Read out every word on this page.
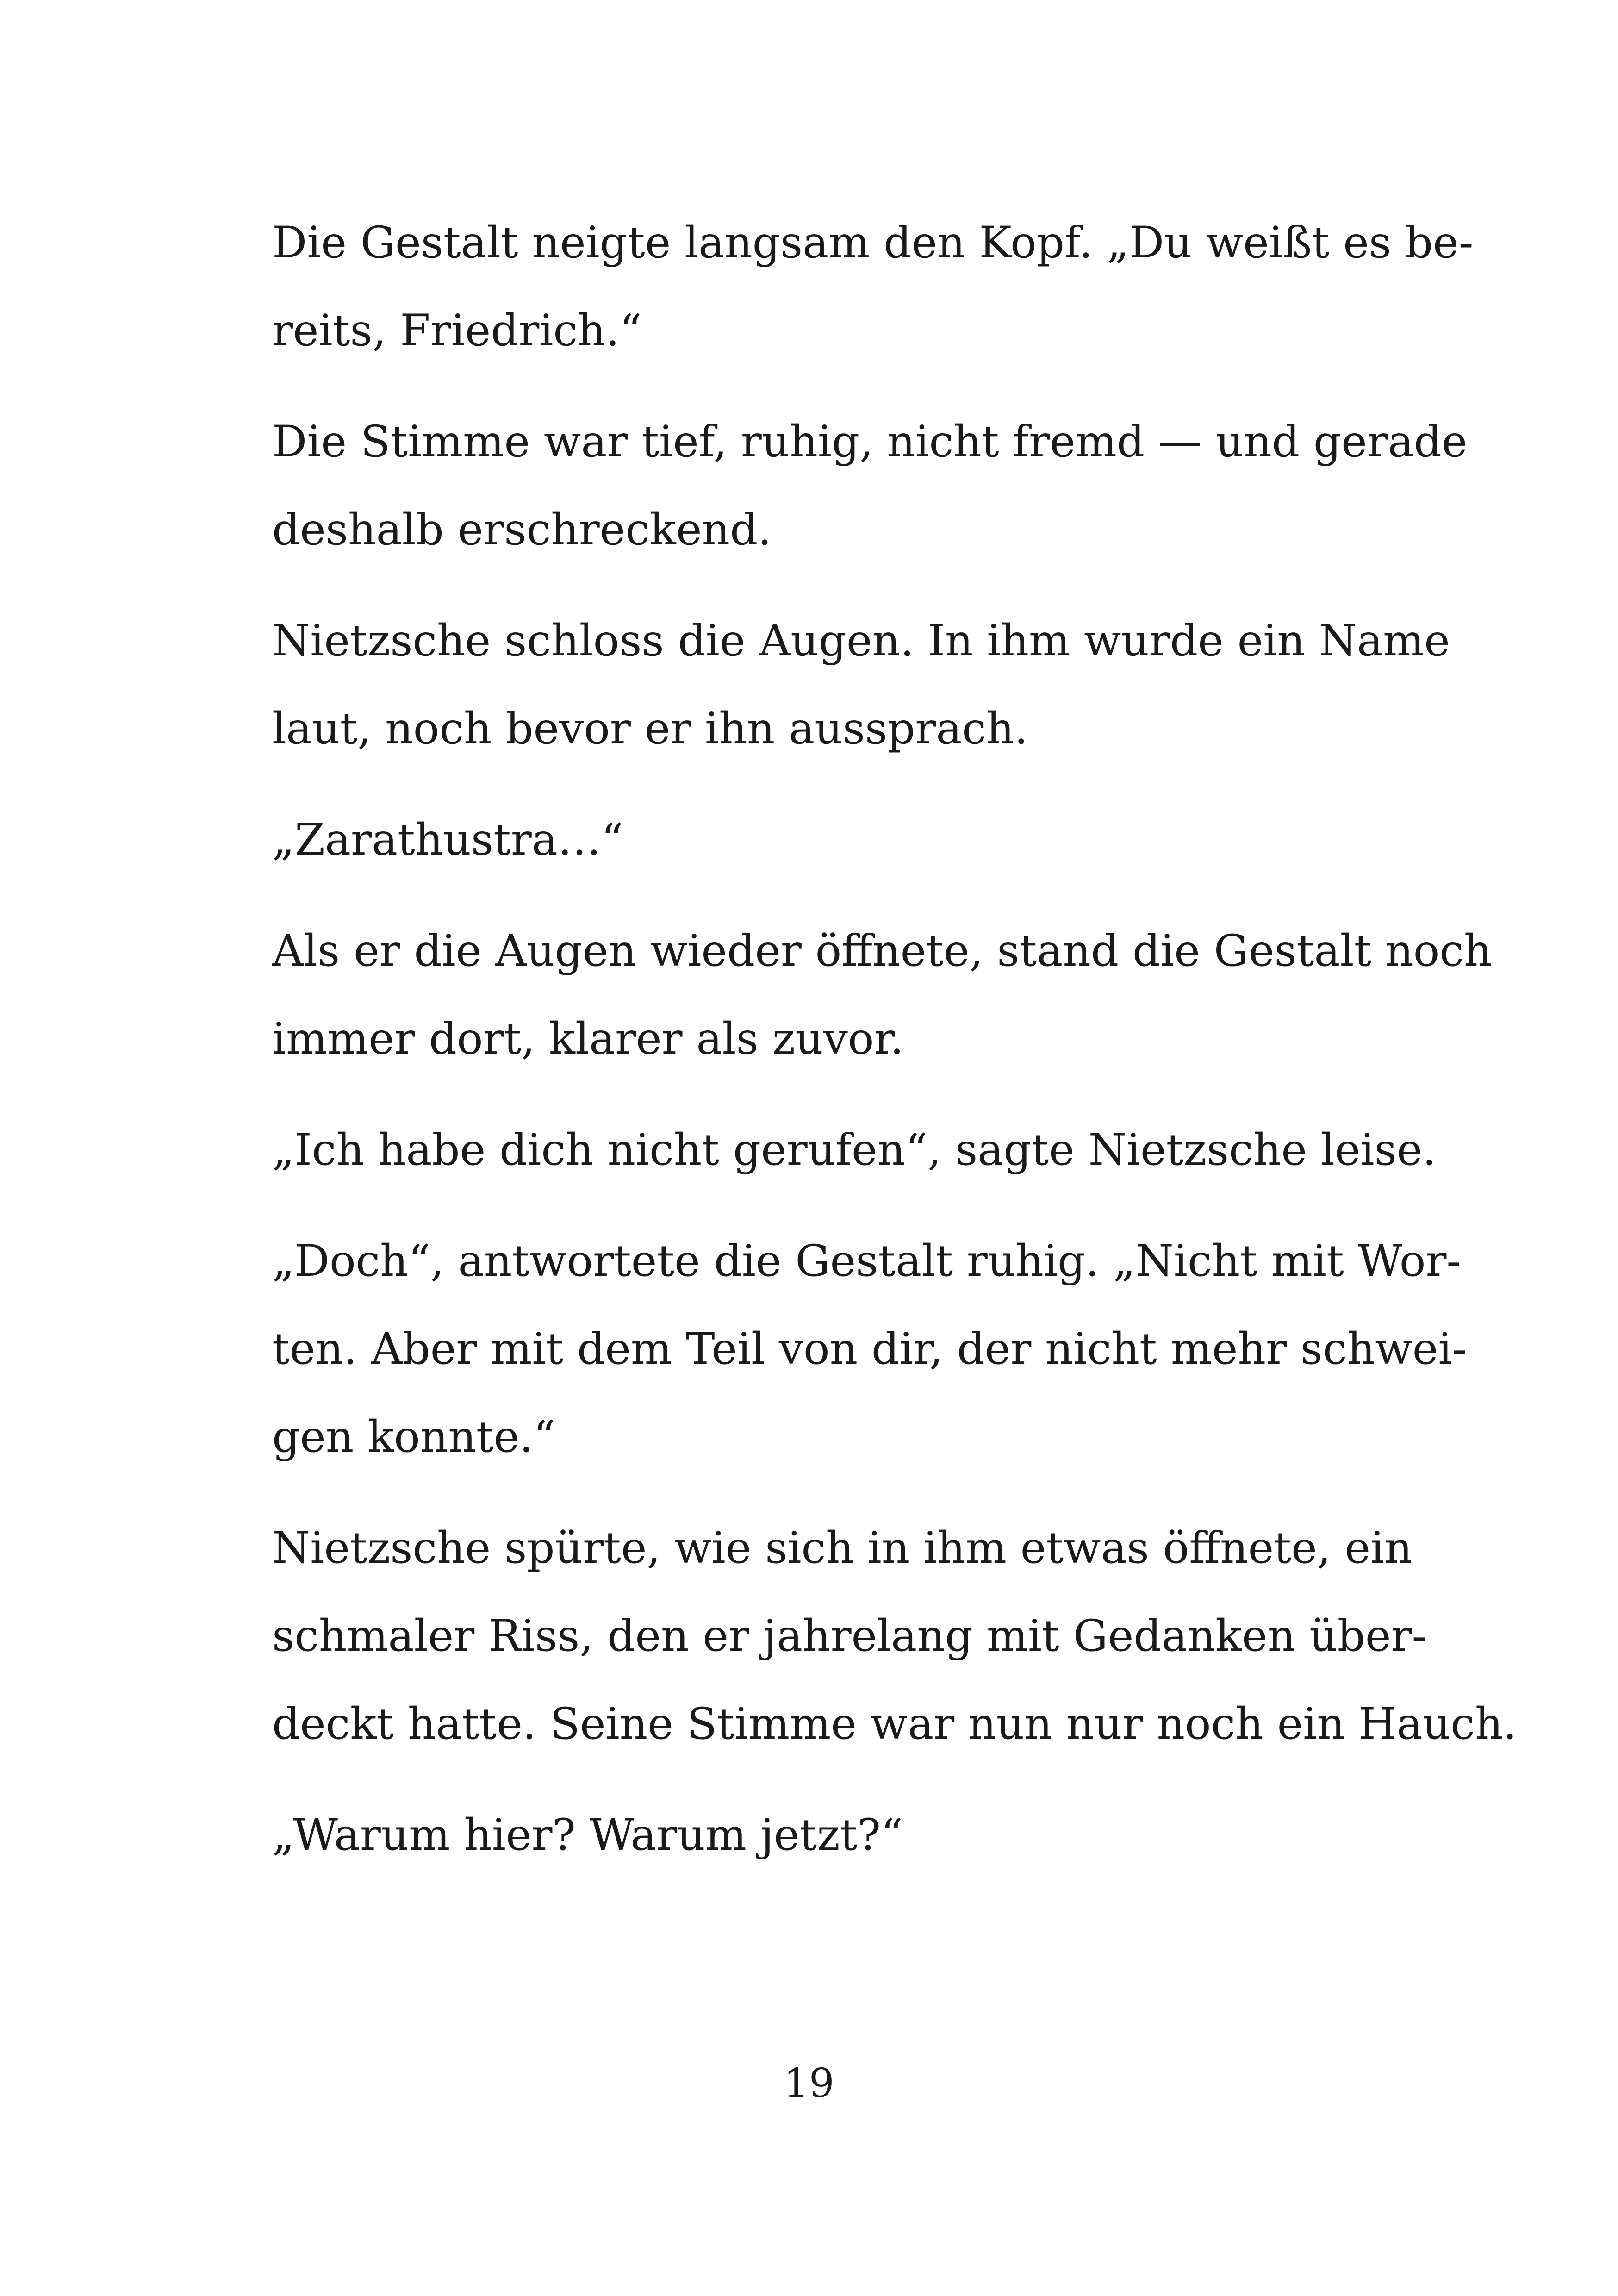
Die Gestalt neigte langsam den Kopf. „Du weißt es be-
reits, Friedrich.“
Die Stimme war tief, ruhig, nicht fremd — und gerade
deshalb erschreckend.
Nietzsche schloss die Augen. In ihm wurde ein Name
laut, noch bevor er ihn aussprach.
„Zarathustra…“
Als er die Augen wieder öffnete, stand die Gestalt noch
immer dort, klarer als zuvor.
„Ich habe dich nicht gerufen“, sagte Nietzsche leise.
„Doch“, antwortete die Gestalt ruhig. „Nicht mit Wor-
ten. Aber mit dem Teil von dir, der nicht mehr schwei-
gen konnte.“
Nietzsche spürte, wie sich in ihm etwas öffnete, ein
schmaler Riss, den er jahrelang mit Gedanken über-
deckt hatte. Seine Stimme war nun nur noch ein Hauch.
„Warum hier? Warum jetzt?“
19
